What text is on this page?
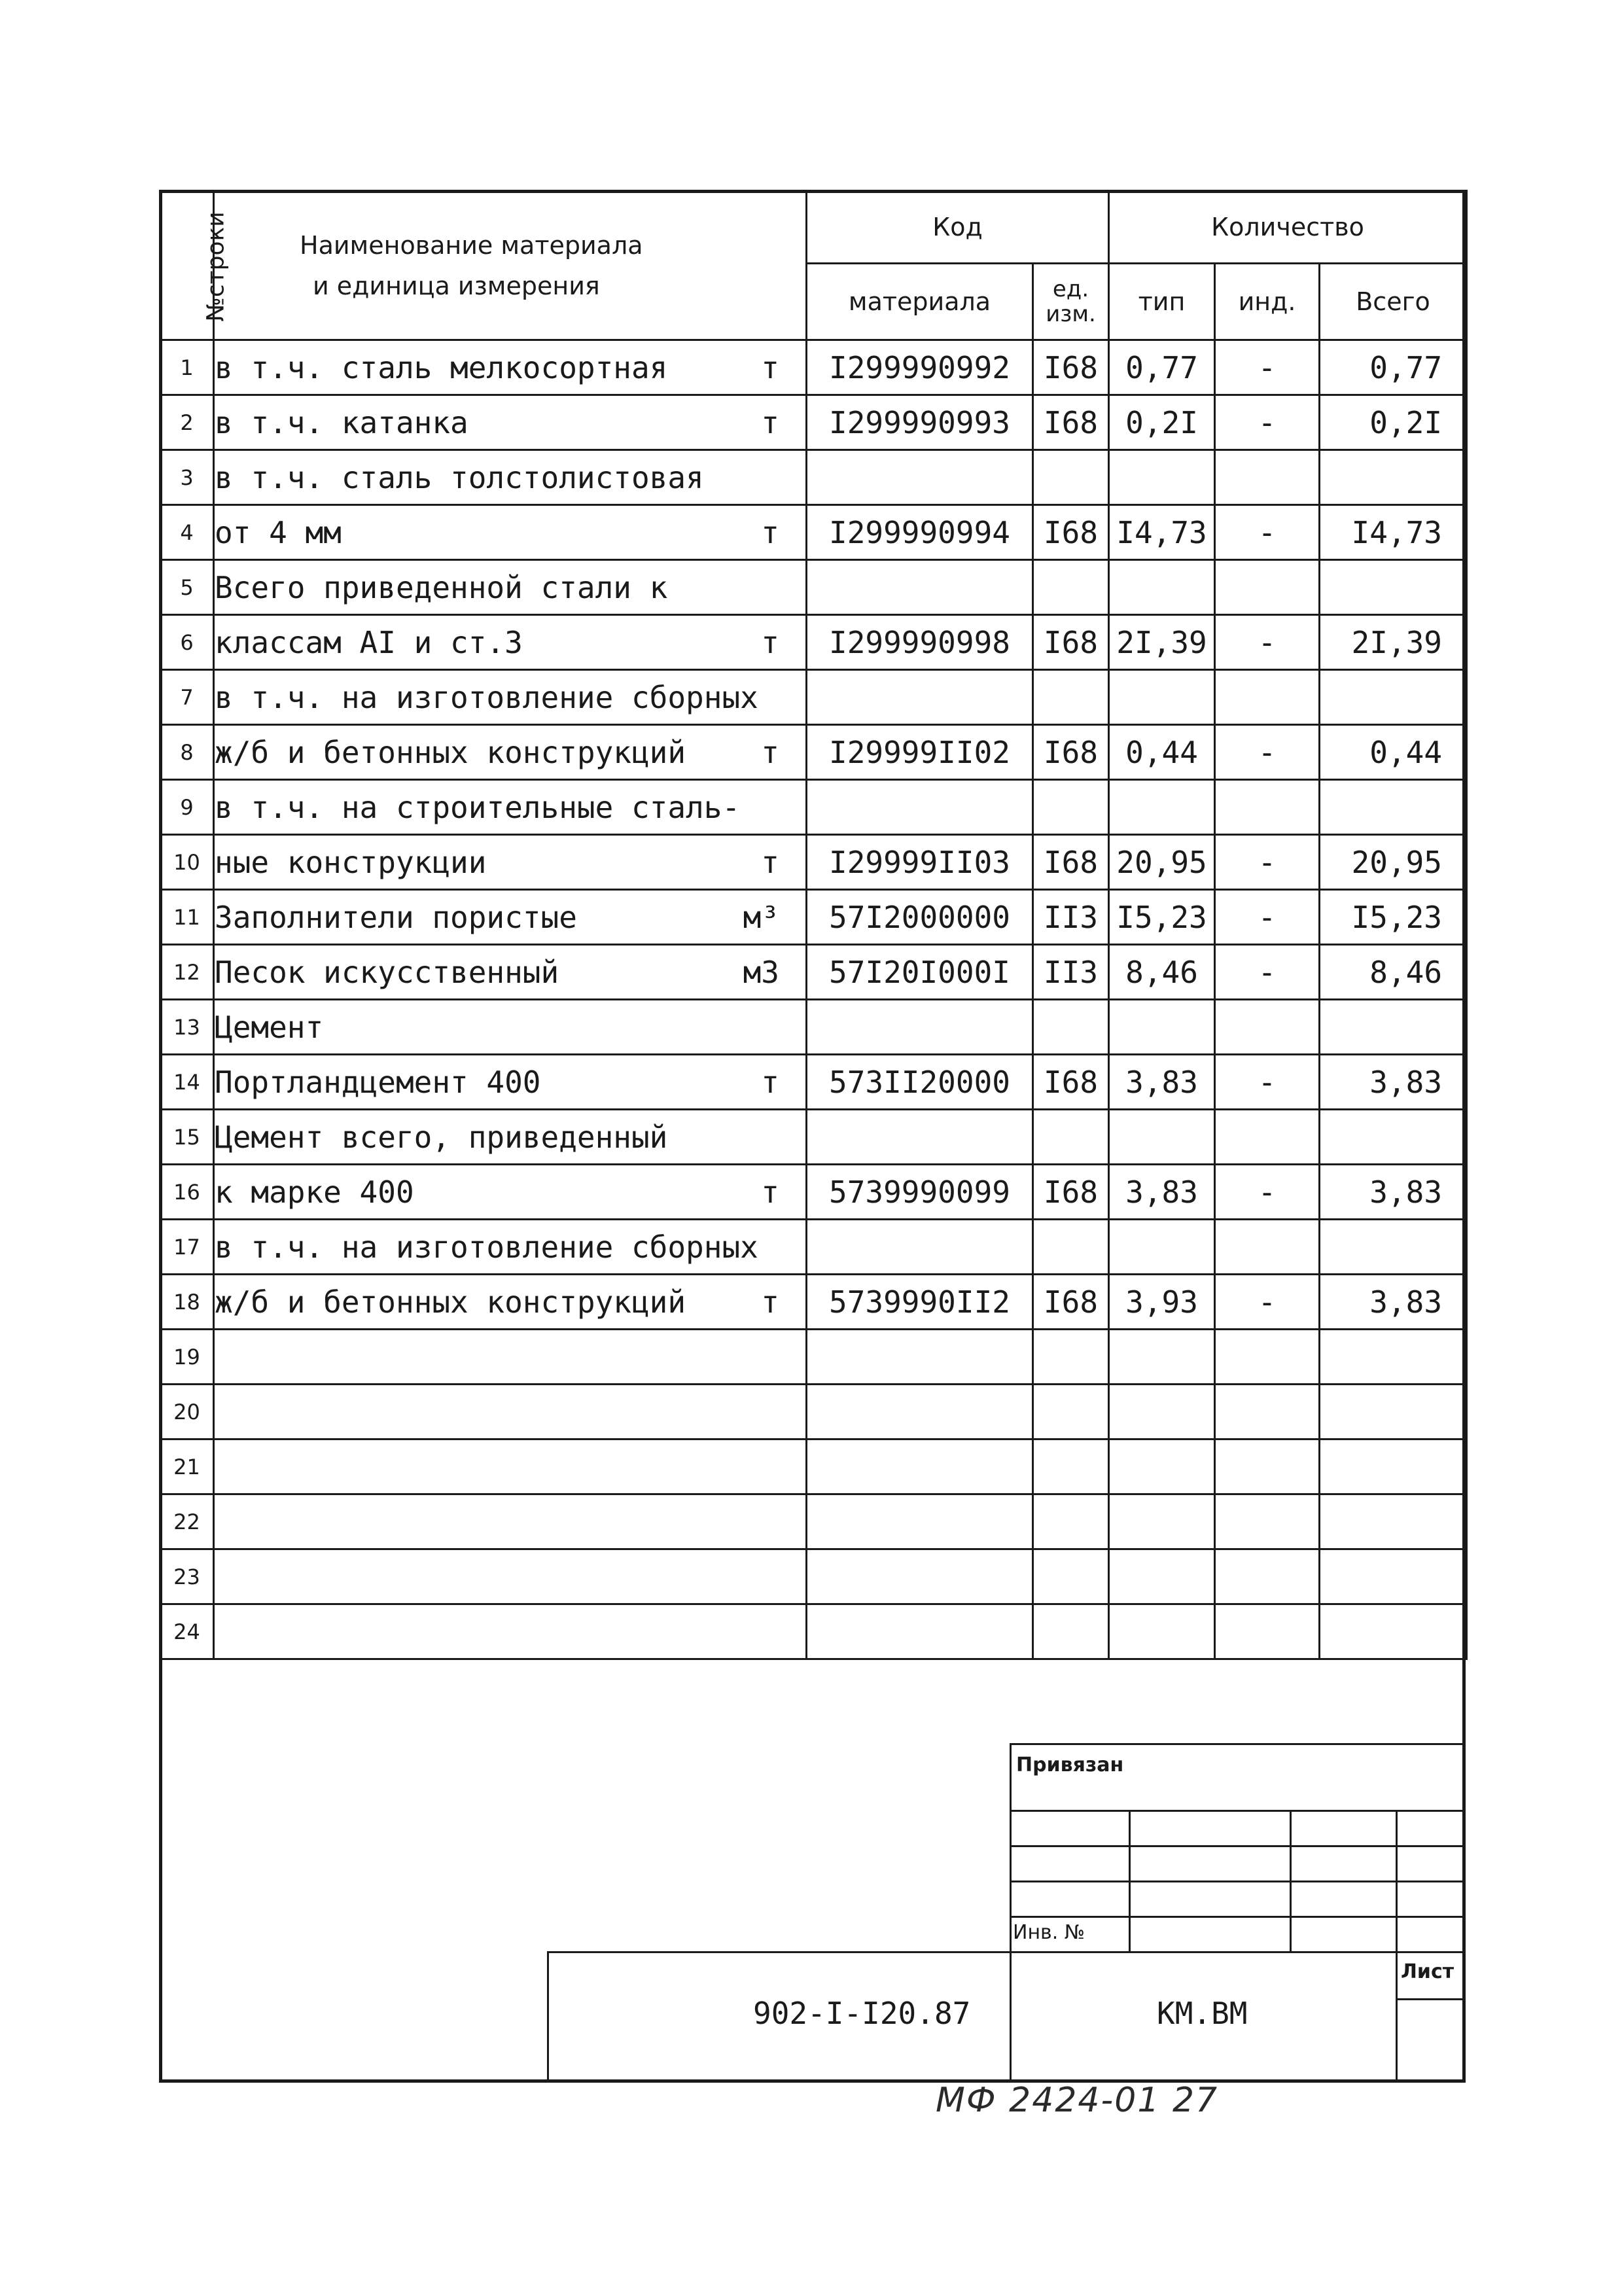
№строки	Наименование материала
и единица измерения	Код		Количество		
		материала	ед. изм.	тип	инд.	Всего
1	в т.ч. сталь мелкосортная т	I299990992	I68	0,77	-	0,77
2	в т.ч. катанка т	I299990993	I68	0,2I	-	0,2I
3	в т.ч. сталь толстолистовая

4	от 4 мм т	I299990994	I68	I4,73	-	I4,73
5	Всего приведенной стали к

6	классам AI и ст.3 т	I299990998	I68	2I,39	-	2I,39
7	в т.ч. на изготовление сборных

8	ж/б и бетонных конструкций т	I29999II02	I68	0,44	-	0,44
9	в т.ч. на строительные сталь-

10	ные конструкции т	I29999II03	I68	20,95	-	20,95
11	Заполнители пористые м³	57I2000000	II3	I5,23	-	I5,23
12	Песок искусственный м3	57I20I000I	II3	8,46	-	8,46
13	Цемент

14	Портландцемент 400 т	573II20000	I68	3,83	-	3,83
15	Цемент всего, приведенный

16	к марке 400 т	5739990099	I68	3,83	-	3,83
17	в т.ч. на изготовление сборных

18	ж/б и бетонных конструкций т	5739990II2	I68	3,93	-	3,83
19	

20	

21	

22	

23	

24	

Привязан
Инв. №
Лист
902-I-I20.87	КМ.ВМ
МФ 2424-01 27
